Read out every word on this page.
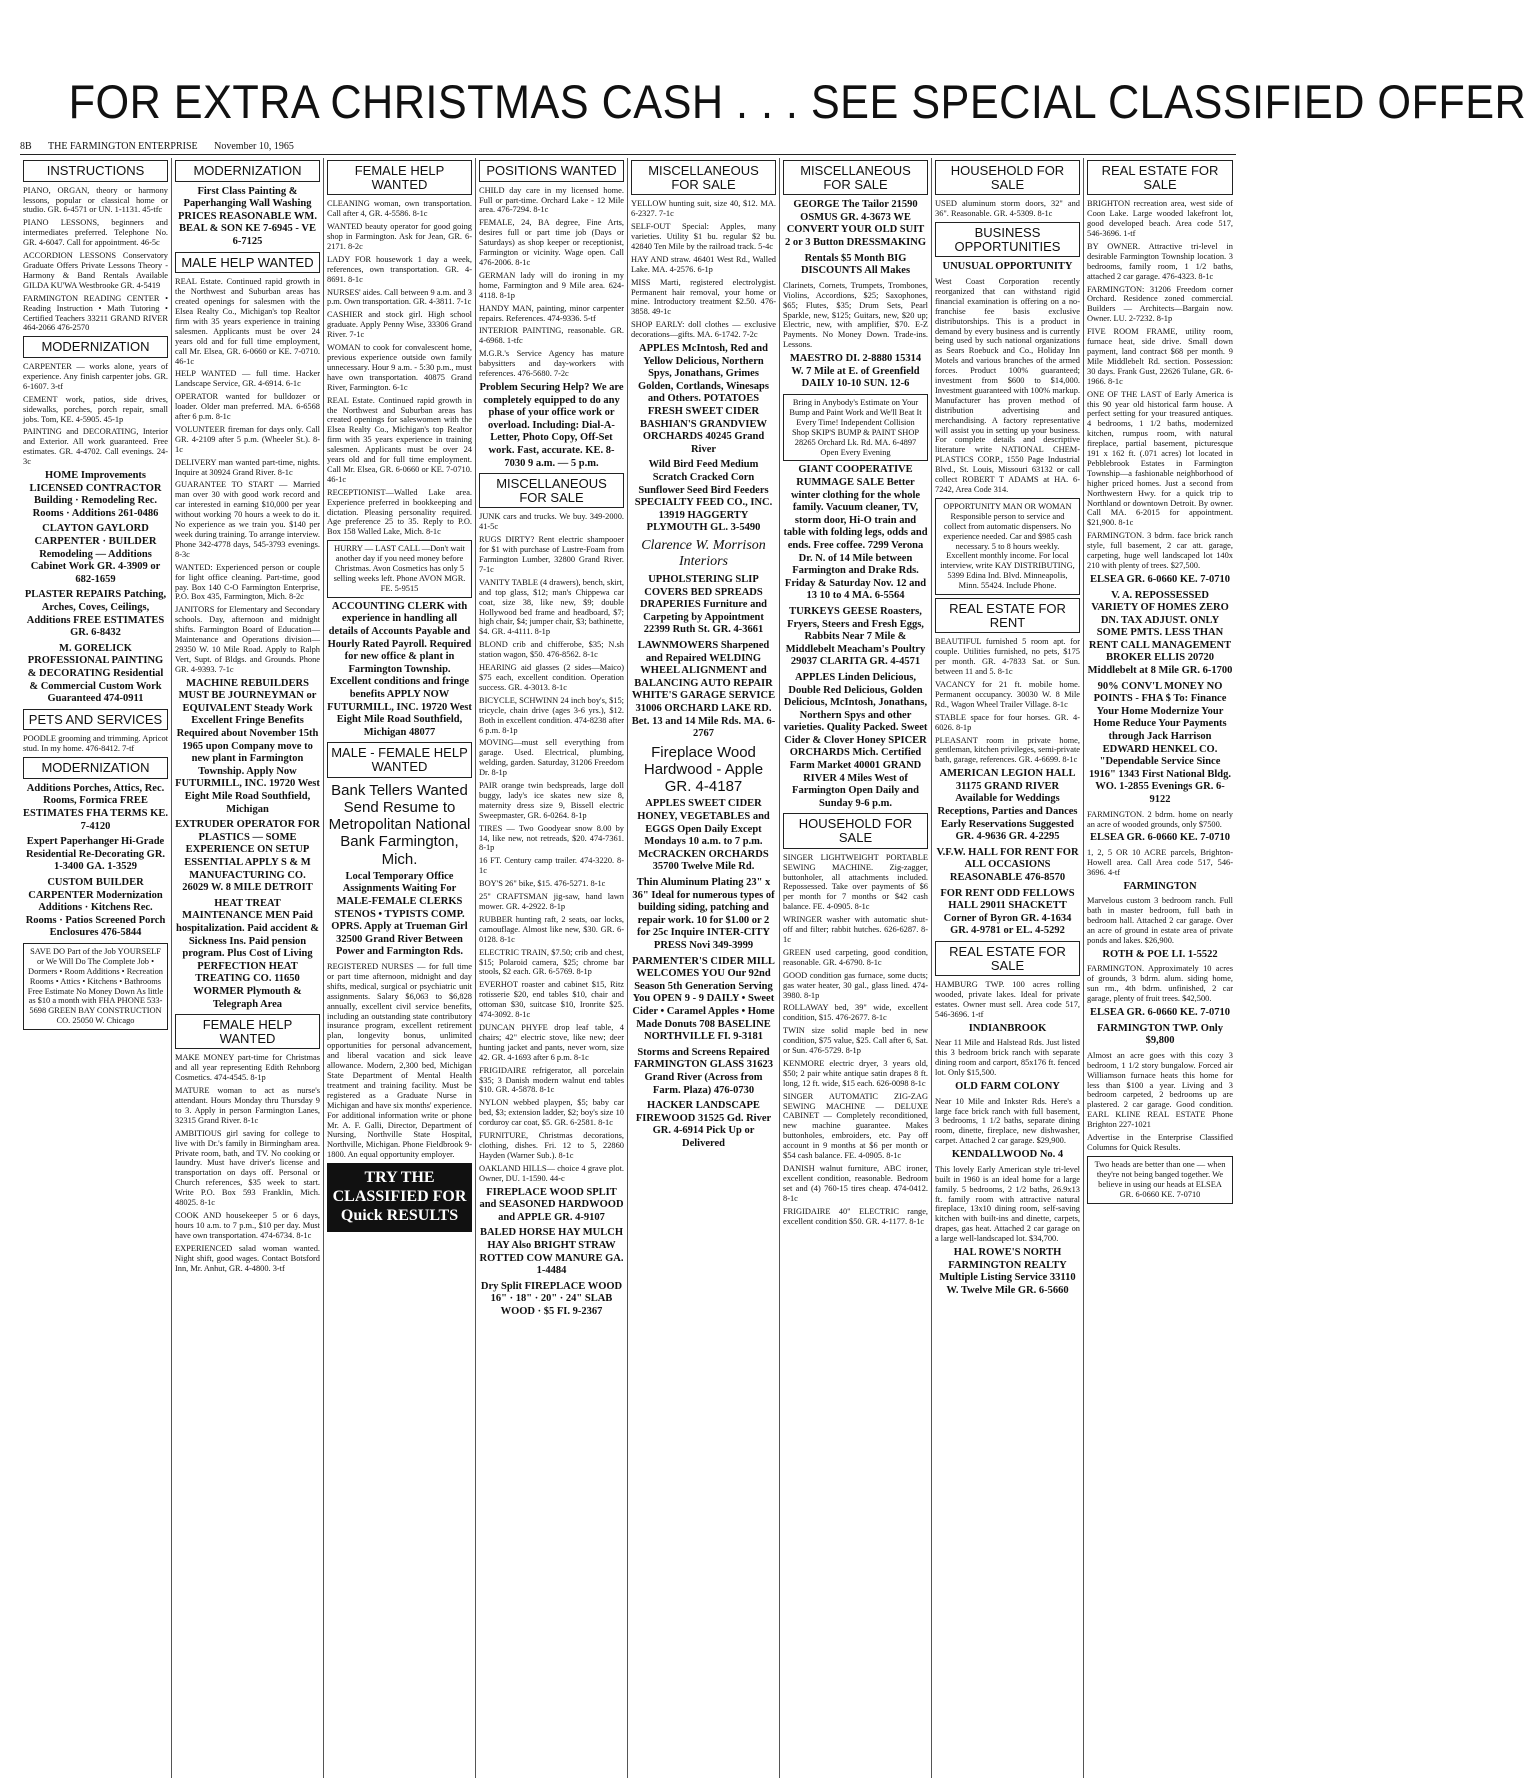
FOR EXTRA CHRISTMAS CASH . . . SEE SPECIAL CLASSIFIED OFFER
8B THE FARMINGTON ENTERPRISE November 10, 1965
INSTRUCTIONS
PIANO, ORGAN, theory or harmony lessons, popular or classical home or studio. GR. 6-4571 or UN. 1-1131. 45-tfc
PIANO LESSONS, beginners and intermediates preferred. Telephone No. GR. 4-6047. Call for appointment. 46-5c
ACCORDION LESSONS Conservatory Graduate Offers Private Lessons Theory - Harmony & Band Rentals Available GILDA KU'WA Westbrooke GR. 4-5419
FARMINGTON READING CENTER • Reading Instruction • Math Tutoring • Certified Teachers 33211 GRAND RIVER 464-2066 476-2570
MODERNIZATION
CARPENTER — works alone, years of experience. Any finish carpenter jobs. GR. 6-1607. 3-tf
CEMENT work, patios, side drives, sidewalks, porches, porch repair, small jobs. Tom, KE. 4-5905. 45-1p
PAINTING and DECORATING, Interior and Exterior. All work guaranteed. Free estimates. GR. 4-4702. Call evenings. 24-3c
HOME Improvements LICENSED CONTRACTOR Building · Remodeling Rec. Rooms · Additions 261-0486
CLAYTON GAYLORD CARPENTER · BUILDER Remodeling — Additions Cabinet Work GR. 4-3909 or 682-1659
PLASTER REPAIRS Patching, Arches, Coves, Ceilings, Additions FREE ESTIMATES GR. 6-8432
M. GORELICK PROFESSIONAL PAINTING & DECORATING Residential & Commercial Custom Work Guaranteed 474-0911
PETS AND SERVICES
POODLE grooming and trimming. Apricot stud. In my home. 476-8412. 7-tf
MODERNIZATION
Additions Porches, Attics, Rec. Rooms, Formica FREE ESTIMATES FHA TERMS KE. 7-4120
Expert Paperhanger Hi-Grade Residential Re-Decorating GR. 1-3400 GA. 1-3529
CUSTOM BUILDER CARPENTER Modernization Additions · Kitchens Rec. Rooms · Patios Screened Porch Enclosures 476-5844
SAVE DO Part of the Job YOURSELF or We Will Do The Complete Job • Dormers • Room Additions • Recreation Rooms • Attics • Kitchens • Bathrooms Free Estimate No Money Down As little as $10 a month with FHA PHONE 533-5698 GREEN BAY CONSTRUCTION CO. 25050 W. Chicago
MODERNIZATION
First Class Painting & Paperhanging Wall Washing PRICES REASONABLE WM. BEAL & SON KE 7-6945 - VE 6-7125
MALE HELP WANTED
REAL Estate. Continued rapid growth in the Northwest and Suburban areas has created openings for salesmen with the Elsea Realty Co., Michigan's top Realtor firm with 35 years experience in training salesmen. Applicants must be over 24 years old and for full time employment, call Mr. Elsea, GR. 6-0660 or KE. 7-0710. 46-1c
HELP WANTED — full time. Hacker Landscape Service, GR. 4-6914. 6-1c
OPERATOR wanted for bulldozer or loader. Older man preferred. MA. 6-6568 after 6 p.m. 8-1c
VOLUNTEER fireman for days only. Call GR. 4-2109 after 5 p.m. (Wheeler St.). 8-1c
DELIVERY man wanted part-time, nights. Inquire at 30924 Grand River. 8-1c
GUARANTEE TO START — Married man over 30 with good work record and car interested in earning $10,000 per year without working 70 hours a week to do it. No experience as we train you. $140 per week during training. To arrange interview. Phone 342-4778 days, 545-3793 evenings. 8-3c
WANTED: Experienced person or couple for light office cleaning. Part-time, good pay. Box 140 C-O Farmington Enterprise, P.O. Box 435, Farmington, Mich. 8-2c
JANITORS for Elementary and Secondary schools. Day, afternoon and midnight shifts. Farmington Board of Education—Maintenance and Operations division—29350 W. 10 Mile Road. Apply to Ralph Vert, Supt. of Bldgs. and Grounds. Phone GR. 4-9393. 7-1c
MACHINE REBUILDERS MUST BE JOURNEYMAN or EQUIVALENT Steady Work Excellent Fringe Benefits Required about November 15th 1965 upon Company move to new plant in Farmington Township. Apply Now FUTURMILL, INC. 19720 West Eight Mile Road Southfield, Michigan
EXTRUDER OPERATOR FOR PLASTICS — SOME EXPERIENCE ON SETUP ESSENTIAL APPLY S & M MANUFACTURING CO. 26029 W. 8 MILE DETROIT
HEAT TREAT MAINTENANCE MEN Paid hospitalization. Paid accident & Sickness Ins. Paid pension program. Plus Cost of Living PERFECTION HEAT TREATING CO. 11650 WORMER Plymouth & Telegraph Area
FEMALE HELP WANTED
MAKE MONEY part-time for Christmas and all year representing Edith Rehnborg Cosmetics. 474-4545. 8-1p
MATURE woman to act as nurse's attendant. Hours Monday thru Thursday 9 to 3. Apply in person Farmington Lanes, 32315 Grand River. 8-1c
AMBITIOUS girl saving for college to live with Dr.'s family in Birmingham area. Private room, bath, and TV. No cooking or laundry. Must have driver's license and transportation on days off. Personal or Church references, $35 week to start. Write P.O. Box 593 Franklin, Mich. 48025. 8-1c
COOK AND housekeeper 5 or 6 days, hours 10 a.m. to 7 p.m., $10 per day. Must have own transportation. 474-6734. 8-1c
EXPERIENCED salad woman wanted. Night shift, good wages. Contact Botsford Inn, Mr. Anhut, GR. 4-4800. 3-tf
FEMALE HELP WANTED
CLEANING woman, own transportation. Call after 4, GR. 4-5586. 8-1c
WANTED beauty operator for good going shop in Farmington. Ask for Jean, GR. 6-2171. 8-2c
LADY FOR housework 1 day a week, references, own transportation. GR. 4-8691. 8-1c
NURSES' aides. Call between 9 a.m. and 3 p.m. Own transportation. GR. 4-3811. 7-1c
CASHIER and stock girl. High school graduate. Apply Penny Wise, 33306 Grand River. 7-1c
WOMAN to cook for convalescent home, previous experience outside own family unnecessary. Hour 9 a.m. - 5:30 p.m., must have own transportation. 40875 Grand River, Farmington. 6-1c
REAL Estate. Continued rapid growth in the Northwest and Suburban areas has created openings for saleswomen with the Elsea Realty Co., Michigan's top Realtor firm with 35 years experience in training salesmen. Applicants must be over 24 years old and for full time employment. Call Mr. Elsea, GR. 6-0660 or KE. 7-0710. 46-1c
RECEPTIONIST—Walled Lake area. Experience preferred in bookkeeping and dictation. Pleasing personality required. Age preference 25 to 35. Reply to P.O. Box 158 Walled Lake, Mich. 8-1c
HURRY — LAST CALL —Don't wait another day if you need money before Christmas. Avon Cosmetics has only 5 selling weeks left. Phone AVON MGR. FE. 5-9515
ACCOUNTING CLERK with experience in handling all details of Accounts Payable and Hourly Rated Payroll. Required for new office & plant in Farmington Township. Excellent conditions and fringe benefits APPLY NOW FUTURMILL, INC. 19720 West Eight Mile Road Southfield, Michigan 48077
MALE - FEMALE HELP WANTED
Bank Tellers Wanted Send Resume to Metropolitan National Bank Farmington, Mich.
Local Temporary Office Assignments Waiting For MALE-FEMALE CLERKS STENOS • TYPISTS COMP. OPRS. Apply at Trueman Girl 32500 Grand River Between Power and Farmington Rds.
REGISTERED NURSES — for full time or part time afternoon, midnight and day shifts, medical, surgical or psychiatric unit assignments. Salary $6,063 to $6,828 annually, excellent civil service benefits, including an outstanding state contributory insurance program, excellent retirement plan, longevity bonus, unlimited opportunities for personal advancement, and liberal vacation and sick leave allowance. Modern, 2,300 bed, Michigan State Department of Mental Health treatment and training facility. Must be registered as a Graduate Nurse in Michigan and have six months' experience. For additional information write or phone Mr. A. F. Galli, Director, Department of Nursing, Northville State Hospital, Northville, Michigan. Phone Fieldbrook 9-1800. An equal opportunity employer.
TRY THE CLASSIFIED FOR Quick RESULTS
POSITIONS WANTED
CHILD day care in my licensed home. Full or part-time. Orchard Lake - 12 Mile area. 476-7294. 8-1c
FEMALE, 24, BA degree, Fine Arts, desires full or part time job (Days or Saturdays) as shop keeper or receptionist, Farmington or vicinity. Wage open. Call 476-2006. 8-1c
GERMAN lady will do ironing in my home, Farmington and 9 Mile area. 624-4118. 8-1p
HANDY MAN, painting, minor carpenter repairs. References. 474-9336. 5-tf
INTERIOR PAINTING, reasonable. GR. 4-6968. 1-tfc
M.G.R.'s Service Agency has mature babysitters and day-workers with references. 476-5680. 7-2c
Problem Securing Help? We are completely equipped to do any phase of your office work or overload. Including: Dial-A-Letter, Photo Copy, Off-Set work. Fast, accurate. KE. 8-7030 9 a.m. — 5 p.m.
MISCELLANEOUS FOR SALE
JUNK cars and trucks. We buy. 349-2000. 41-5c
RUGS DIRTY? Rent electric shampooer for $1 with purchase of Lustre-Foam from Farmington Lumber, 32800 Grand River. 7-1c
VANITY TABLE (4 drawers), bench, skirt, and top glass, $12; man's Chippewa car coat, size 38, like new, $9; double Hollywood bed frame and headboard, $7; high chair, $4; jumper chair, $3; bathinette, $4. GR. 4-4111. 8-1p
BLOND crib and chifferobe, $35; N.sh station wagon, $50. 476-8562. 8-1c
HEARING aid glasses (2 sides—Maico) $75 each, excellent condition. Operation success. GR. 4-3013. 8-1c
BICYCLE, SCHWINN 24 inch boy's, $15; tricycle, chain drive (ages 3-6 yrs.), $12. Both in excellent condition. 474-8238 after 6 p.m. 8-1p
MOVING—must sell everything from garage. Used. Electrical, plumbing, welding, garden. Saturday, 31206 Freedom Dr. 8-1p
PAIR orange twin bedspreads, large doll buggy, lady's ice skates new size 8, maternity dress size 9, Bissell electric Sweepmaster, GR. 6-0264. 8-1p
TIRES — Two Goodyear snow 8.00 by 14, like new, not retreads, $20. 474-7361. 8-1p
16 FT. Century camp trailer. 474-3220. 8-1c
BOY'S 26" bike, $15. 476-5271. 8-1c
25" CRAFTSMAN jig-saw, hand lawn mower. GR. 4-2922. 8-1p
RUBBER hunting raft, 2 seats, oar locks, camouflage. Almost like new, $30. GR. 6-0128. 8-1c
ELECTRIC TRAIN, $7.50; crib and chest, $15; Polaroid camera, $25; chrome bar stools, $2 each. GR. 6-5769. 8-1p
EVERHOT roaster and cabinet $15, Ritz rotisserie $20, end tables $10, chair and ottoman $30, suitcase $10, Ironrite $25. 474-3092. 8-1c
DUNCAN PHYFE drop leaf table, 4 chairs; 42" electric stove, like new; deer hunting jacket and pants, never worn, size 42. GR. 4-1693 after 6 p.m. 8-1c
FRIGIDAIRE refrigerator, all porcelain $35; 3 Danish modern walnut end tables $10. GR. 4-5878. 8-1c
NYLON webbed playpen, $5; baby car bed, $3; extension ladder, $2; boy's size 10 corduroy car coat, $5. GR. 6-2581. 8-1c
FURNITURE, Christmas decorations, clothing, dishes. Fri. 12 to 5, 22860 Hayden (Warner Sub.). 8-1c
OAKLAND HILLS— choice 4 grave plot. Owner, DU. 1-1590. 44-c
FIREPLACE WOOD SPLIT and SEASONED HARDWOOD and APPLE GR. 4-9107
BALED HORSE HAY MULCH HAY Also BRIGHT STRAW ROTTED COW MANURE GA. 1-4484
Dry Split FIREPLACE WOOD 16" · 18" · 20" · 24" SLAB WOOD · $5 FI. 9-2367
MISCELLANEOUS FOR SALE
YELLOW hunting suit, size 40, $12. MA. 6-2327. 7-1c
SELF-OUT Special: Apples, many varieties. Utility $1 bu. regular $2 bu. 42840 Ten Mile by the railroad track. 5-4c
HAY AND straw. 46401 West Rd., Walled Lake. MA. 4-2576. 6-1p
MISS Marti, registered electrolygist. Permanent hair removal, your home or mine. Introductory treatment $2.50. 476-3858. 49-1c
SHOP EARLY: doll clothes — exclusive decorations—gifts. MA. 6-1742. 7-2c
APPLES McIntosh, Red and Yellow Delicious, Northern Spys, Jonathans, Grimes Golden, Cortlands, Winesaps and Others. POTATOES FRESH SWEET CIDER BASHIAN'S GRANDVIEW ORCHARDS 40245 Grand River
Wild Bird Feed Medium Scratch Cracked Corn Sunflower Seed Bird Feeders SPECIALTY FEED CO., INC. 13919 HAGGERTY PLYMOUTH GL. 3-5490
Clarence W. Morrison Interiors
UPHOLSTERING SLIP COVERS BED SPREADS DRAPERIES Furniture and Carpeting by Appointment 22399 Ruth St. GR. 4-3661
LAWNMOWERS Sharpened and Repaired WELDING WHEEL ALIGNMENT and BALANCING AUTO REPAIR WHITE'S GARAGE SERVICE 31006 ORCHARD LAKE RD. Bet. 13 and 14 Mile Rds. MA. 6-2767
Fireplace Wood Hardwood - Apple GR. 4-4187
APPLES SWEET CIDER HONEY, VEGETABLES and EGGS Open Daily Except Mondays 10 a.m. to 7 p.m. McCRACKEN ORCHARDS 35700 Twelve Mile Rd.
Thin Aluminum Plating 23" x 36" Ideal for numerous types of building siding, patching and repair work. 10 for $1.00 or 2 for 25c Inquire INTER-CITY PRESS Novi 349-3999
PARMENTER'S CIDER MILL WELCOMES YOU Our 92nd Season 5th Generation Serving You OPEN 9 - 9 DAILY • Sweet Cider • Caramel Apples • Home Made Donuts 708 BASELINE NORTHVILLE FI. 9-3181
Storms and Screens Repaired FARMINGTON GLASS 31623 Grand River (Across from Farm. Plaza) 476-0730
HACKER LANDSCAPE FIREWOOD 31525 Gd. River GR. 4-6914 Pick Up or Delivered
MISCELLANEOUS FOR SALE
GEORGE The Tailor 21590 OSMUS GR. 4-3673 WE CONVERT YOUR OLD SUIT 2 or 3 Button DRESSMAKING
Rentals $5 Month BIG DISCOUNTS All Makes
Clarinets, Cornets, Trumpets, Trombones, Violins, Accordions, $25; Saxophones, $65; Flutes, $35; Drum Sets, Pearl Sparkle, new, $125; Guitars, new, $20 up; Electric, new, with amplifier, $70. E-Z Payments. No Money Down. Trade-ins. Lessons.
MAESTRO DI. 2-8880 15314 W. 7 Mile at E. of Greenfield DAILY 10-10 SUN. 12-6
Bring in Anybody's Estimate on Your Bump and Paint Work and We'll Beat It Every Time! Independent Collision Shop SKIP'S BUMP & PAINT SHOP 28265 Orchard Lk. Rd. MA. 6-4897 Open Every Evening
GIANT COOPERATIVE RUMMAGE SALE Better winter clothing for the whole family. Vacuum cleaner, TV, storm door, Hi-O train and table with folding legs, odds and ends. Free coffee. 7299 Verona Dr. N. of 14 Mile between Farmington and Drake Rds. Friday & Saturday Nov. 12 and 13 10 to 4 MA. 6-5564
TURKEYS GEESE Roasters, Fryers, Steers and Fresh Eggs, Rabbits Near 7 Mile & Middlebelt Meacham's Poultry 29037 CLARITA GR. 4-4571
APPLES Linden Delicious, Double Red Delicious, Golden Delicious, McIntosh, Jonathans, Northern Spys and other varieties. Quality Packed. Sweet Cider & Clover Honey SPICER ORCHARDS Mich. Certified Farm Market 40001 GRAND RIVER 4 Miles West of Farmington Open Daily and Sunday 9-6 p.m.
HOUSEHOLD FOR SALE
SINGER LIGHTWEIGHT PORTABLE SEWING MACHINE. Zig-zagger, buttonholer, all attachments included. Repossessed. Take over payments of $6 per month for 7 months or $42 cash balance. FE. 4-0905. 8-1c
WRINGER washer with automatic shut-off and filter; rabbit hutches. 626-6287. 8-1c
GREEN used carpeting, good condition, reasonable. GR. 4-6790. 8-1c
GOOD condition gas furnace, some ducts; gas water heater, 30 gal., glass lined. 474-3980. 8-1p
ROLLAWAY bed, 39" wide, excellent condition, $15. 476-2677. 8-1c
TWIN size solid maple bed in new condition, $75 value, $25. Call after 6, Sat. or Sun. 476-5729. 8-1p
KENMORE electric dryer, 3 years old, $50; 2 pair white antique satin drapes 8 ft. long, 12 ft. wide, $15 each. 626-0098 8-1c
SINGER AUTOMATIC ZIG-ZAG SEWING MACHINE — DELUXE CABINET — Completely reconditioned, new machine guarantee. Makes buttonholes, embroiders, etc. Pay off account in 9 months at $6 per month or $54 cash balance. FE. 4-0905. 8-1c
DANISH walnut furniture, ABC ironer, excellent condition, reasonable. Bedroom set and (4) 760-15 tires cheap. 474-0412. 8-1c
FRIGIDAIRE 40" ELECTRIC range, excellent condition $50. GR. 4-1177. 8-1c
HOUSEHOLD FOR SALE
USED aluminum storm doors, 32" and 36". Reasonable. GR. 4-5309. 8-1c
BUSINESS OPPORTUNITIES
UNUSUAL OPPORTUNITY
West Coast Corporation recently reorganized that can withstand rigid financial examination is offering on a no-franchise fee basis exclusive distributorships. This is a product in demand by every business and is currently being used by such national organizations as Sears Roebuck and Co., Holiday Inn Motels and various branches of the armed forces. Product 100% guaranteed; investment from $600 to $14,000. Investment guaranteed with 100% markup. Manufacturer has proven method of distribution advertising and merchandising. A factory representative will assist you in setting up your business. For complete details and descriptive literature write NATIONAL CHEM-PLASTICS CORP., 1550 Page Industrial Blvd., St. Louis, Missouri 63132 or call collect ROBERT T ADAMS at HA. 6-7242, Area Code 314.
OPPORTUNITY MAN OR WOMAN Responsible person to service and collect from automatic dispensers. No experience needed. Car and $985 cash necessary. 5 to 8 hours weekly. Excellent monthly income. For local interview, write KAY DISTRIBUTING, 5399 Edina Ind. Blvd. Minneapolis, Minn. 55424. Include Phone.
REAL ESTATE FOR RENT
BEAUTIFUL furnished 5 room apt. for couple. Utilities furnished, no pets, $175 per month. GR. 4-7833 Sat. or Sun. between 11 and 5. 8-1c
VACANCY for 21 ft. mobile home. Permanent occupancy. 30030 W. 8 Mile Rd., Wagon Wheel Trailer Village. 8-1c
STABLE space for four horses. GR. 4-6026. 8-1p
PLEASANT room in private home, gentleman, kitchen privileges, semi-private bath, garage, references. GR. 4-6699. 8-1c
AMERICAN LEGION HALL 31175 GRAND RIVER Available for Weddings Receptions, Parties and Dances Early Reservations Suggested GR. 4-9636 GR. 4-2295
V.F.W. HALL FOR RENT FOR ALL OCCASIONS REASONABLE 476-8570
FOR RENT ODD FELLOWS HALL 29011 SHACKETT Corner of Byron GR. 4-1634 GR. 4-9781 or EL. 4-5292
REAL ESTATE FOR SALE
HAMBURG TWP. 100 acres rolling wooded, private lakes. Ideal for private estates. Owner must sell. Area code 517, 546-3696. 1-tf
INDIANBROOK
Near 11 Mile and Halstead Rds. Just listed this 3 bedroom brick ranch with separate dining room and carport, 85x176 ft. fenced lot. Only $15,500.
OLD FARM COLONY
Near 10 Mile and Inkster Rds. Here's a large face brick ranch with full basement, 3 bedrooms, 1 1/2 baths, separate dining room, dinette, fireplace, new dishwasher, carpet. Attached 2 car garage. $29,900.
KENDALLWOOD No. 4
This lovely Early American style tri-level built in 1960 is an ideal home for a large family. 5 bedrooms, 2 1/2 baths, 26.9x13 ft. family room with attractive natural fireplace, 13x10 dining room, self-saving kitchen with built-ins and dinette, carpets, drapes, gas heat. Attached 2 car garage on a large well-landscaped lot. $34,700.
HAL ROWE'S NORTH FARMINGTON REALTY Multiple Listing Service 33110 W. Twelve Mile GR. 6-5660
REAL ESTATE FOR SALE
BRIGHTON recreation area, west side of Coon Lake. Large wooded lakefront lot, good developed beach. Area code 517, 546-3696. 1-tf
BY OWNER. Attractive tri-level in desirable Farmington Township location. 3 bedrooms, family room, 1 1/2 baths, attached 2 car garage. 476-4323. 8-1c
FARMINGTON: 31206 Freedom corner Orchard. Residence zoned commercial. Builders — Architects—Bargain now. Owner. LU. 2-7232. 8-1p
FIVE ROOM FRAME, utility room, furnace heat, side drive. Small down payment, land contract $68 per month. 9 Mile Middlebelt Rd. section. Possession: 30 days. Frank Gust, 22626 Tulane, GR. 6-1966. 8-1c
ONE OF THE LAST of Early America is this 90 year old historical farm house. A perfect setting for your treasured antiques. 4 bedrooms, 1 1/2 baths, modernized kitchen, rumpus room, with natural fireplace, partial basement, picturesque 191 x 162 ft. (.071 acres) lot located in Pebblebrook Estates in Farmington Township—a fashionable neighborhood of higher priced homes. Just a second from Northwestern Hwy. for a quick trip to Northland or downtown Detroit. By owner. Call MA. 6-2015 for appointment. $21,900. 8-1c
FARMINGTON. 3 bdrm. face brick ranch style, full basement, 2 car att. garage, carpeting, huge well landscaped lot 140x 210 with plenty of trees. $27,500.
ELSEA GR. 6-0660 KE. 7-0710
V. A. REPOSSESSED VARIETY OF HOMES ZERO DN. TAX ADJUST. ONLY SOME PMTS. LESS THAN RENT CALL MANAGEMENT BROKER ELLIS 20720 Middlebelt at 8 Mile GR. 6-1700
90% CONV'L MONEY NO POINTS - FHA $ To: Finance Your Home Modernize Your Home Reduce Your Payments through Jack Harrison EDWARD HENKEL CO. "Dependable Service Since 1916" 1343 First National Bldg. WO. 1-2855 Evenings GR. 6-9122
FARMINGTON. 2 bdrm. home on nearly an acre of wooded grounds, only $7500.
ELSEA GR. 6-0660 KE. 7-0710
1, 2, 5 OR 10 ACRE parcels, Brighton-Howell area. Call Area code 517, 546-3696. 4-tf
FARMINGTON
Marvelous custom 3 bedroom ranch. Full bath in master bedroom, full bath in bedroom hall. Attached 2 car garage. Over an acre of ground in estate area of private ponds and lakes. $26,900.
ROTH & POE LI. 1-5522
FARMINGTON. Approximately 10 acres of grounds, 3 bdrm. alum. siding home, sun rm., 4th bdrm. unfinished, 2 car garage, plenty of fruit trees. $42,500.
ELSEA GR. 6-0660 KE. 7-0710
FARMINGTON TWP. Only $9,800
Almost an acre goes with this cozy 3 bedroom, 1 1/2 story bungalow. Forced air Williamson furnace heats this home for less than $100 a year. Living and 3 bedroom carpeted, 2 bedrooms up are plastered. 2 car garage. Good condition. EARL KLINE REAL ESTATE Phone Brighton 227-1021
Advertise in the Enterprise Classified Columns for Quick Results.
Two heads are better than one — when they're not being banged together. We believe in using our heads at ELSEA GR. 6-0660 KE. 7-0710
